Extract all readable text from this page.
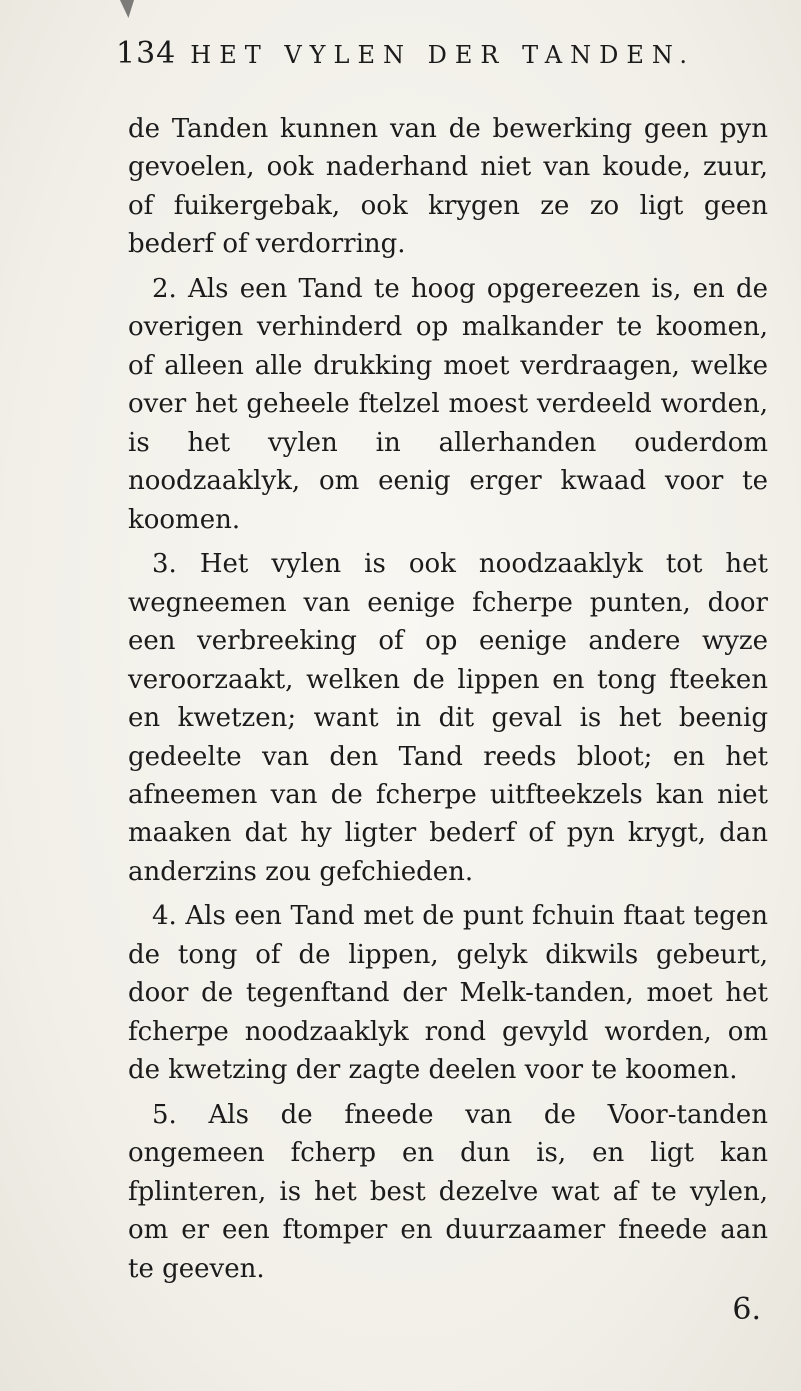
134 HET VYLEN DER TANDEN.

de Tanden kunnen van de bewerking geen pyn gevoelen, ook naderhand niet van koude, zuur, of fuikergebak, ook krygen ze zo ligt geen bederf of verdorring.

2. Als een Tand te hoog opgereezen is, en de overigen verhinderd op malkander te koomen, of alleen alle drukking moet verdraagen, welke over het geheele ftelzel moest verdeeld worden, is het vylen in allerhanden ouderdom noodzaaklyk, om eenig erger kwaad voor te koomen.

3. Het vylen is ook noodzaaklyk tot het wegneemen van eenige fcherpe punten, door een verbreeking of op eenige andere wyze veroorzaakt, welken de lippen en tong fteeken en kwetzen; want in dit geval is het beenig gedeelte van den Tand reeds bloot; en het afneemen van de fcherpe uitfteekzels kan niet maaken dat hy ligter bederf of pyn krygt, dan anderzins zou gefchieden.

4. Als een Tand met de punt fchuin ftaat tegen de tong of de lippen, gelyk dikwils gebeurt, door de tegenftand der Melk-tanden, moet het fcherpe noodzaaklyk rond gevyld worden, om de kwetzing der zagte deelen voor te koomen.

5. Als de fneede van de Voor-tanden ongemeen fcherp en dun is, en ligt kan fplinteren, is het best dezelve wat af te vylen, om er een ftomper en duurzaamer fneede aan te geeven.

6.
